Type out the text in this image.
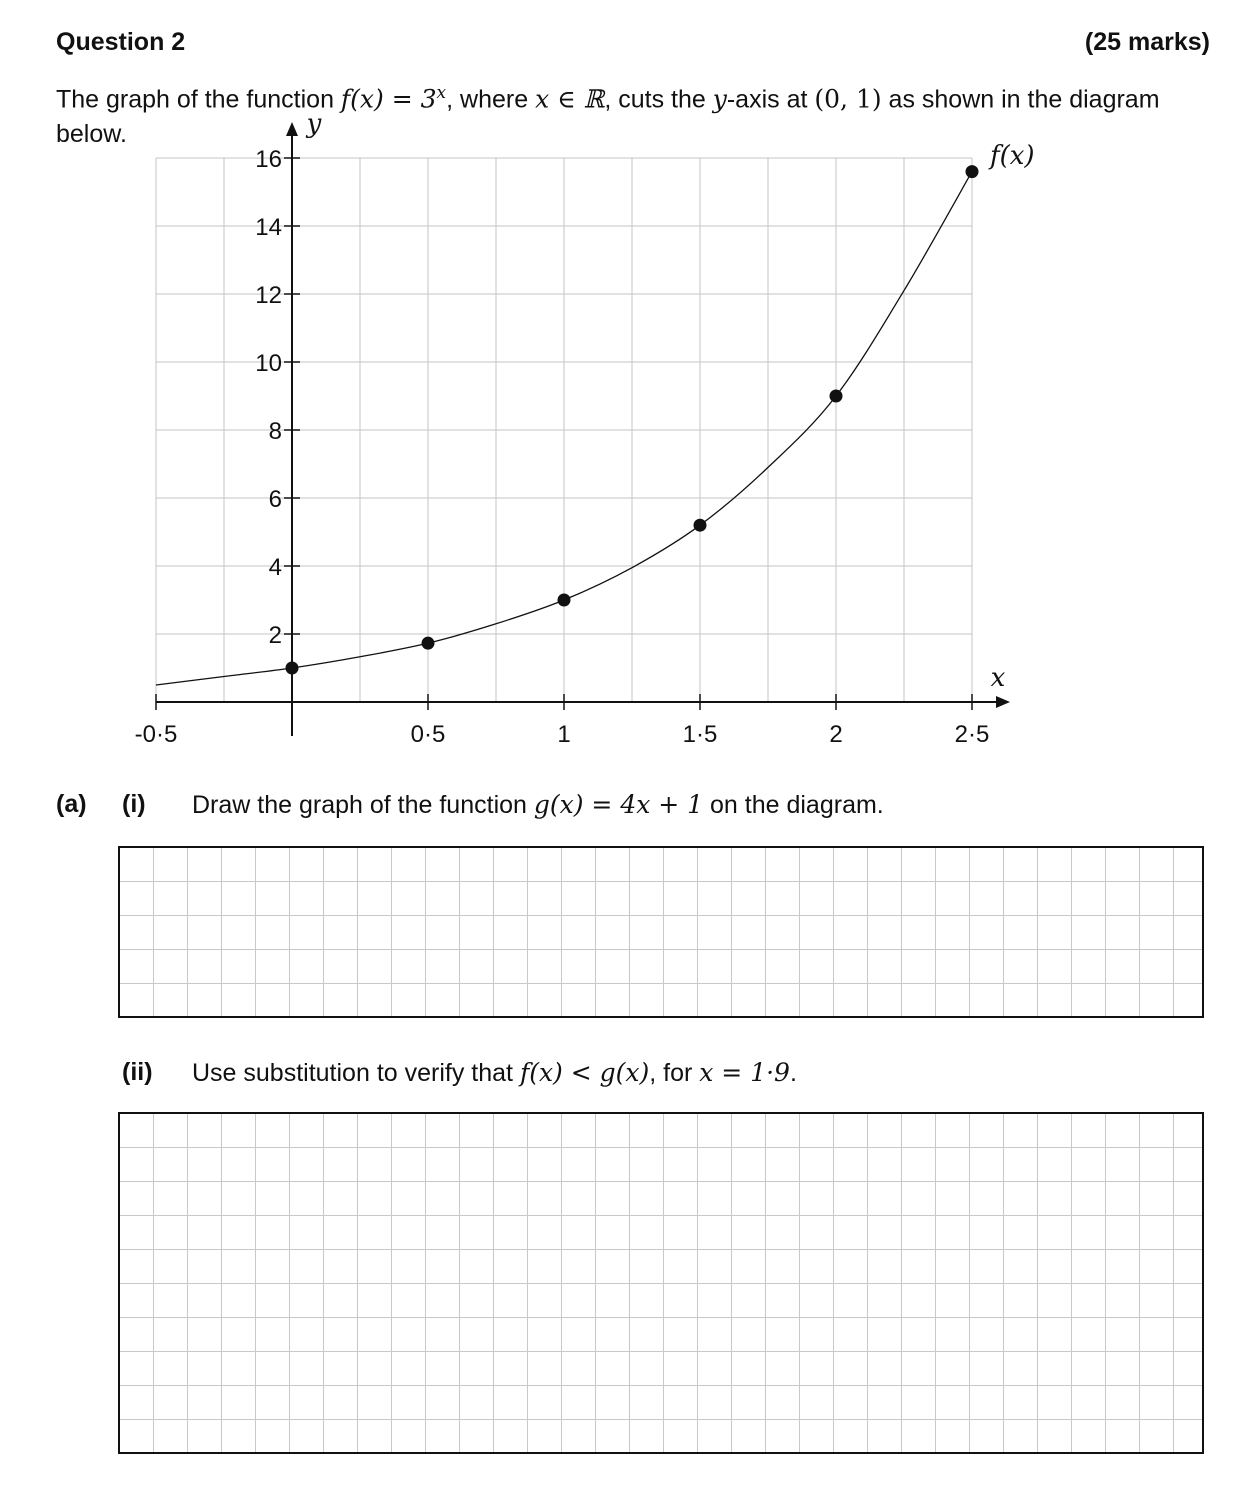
Question 2	(25 marks)
The graph of the function $f(x) = 3^x$, where x ∈ ℝ, cuts the y-axis at (0, 1) as shown in the diagram below.
-0·5	0·5	1	1·5	2	2·5
2
4
6
8
10
12
14
16
x
y
f(x)
(a) (i) Draw the graph of the function g(x) = 4x + 1 on the diagram.
(ii) Use substitution to verify that f(x) < g(x), for x = 1·9.
